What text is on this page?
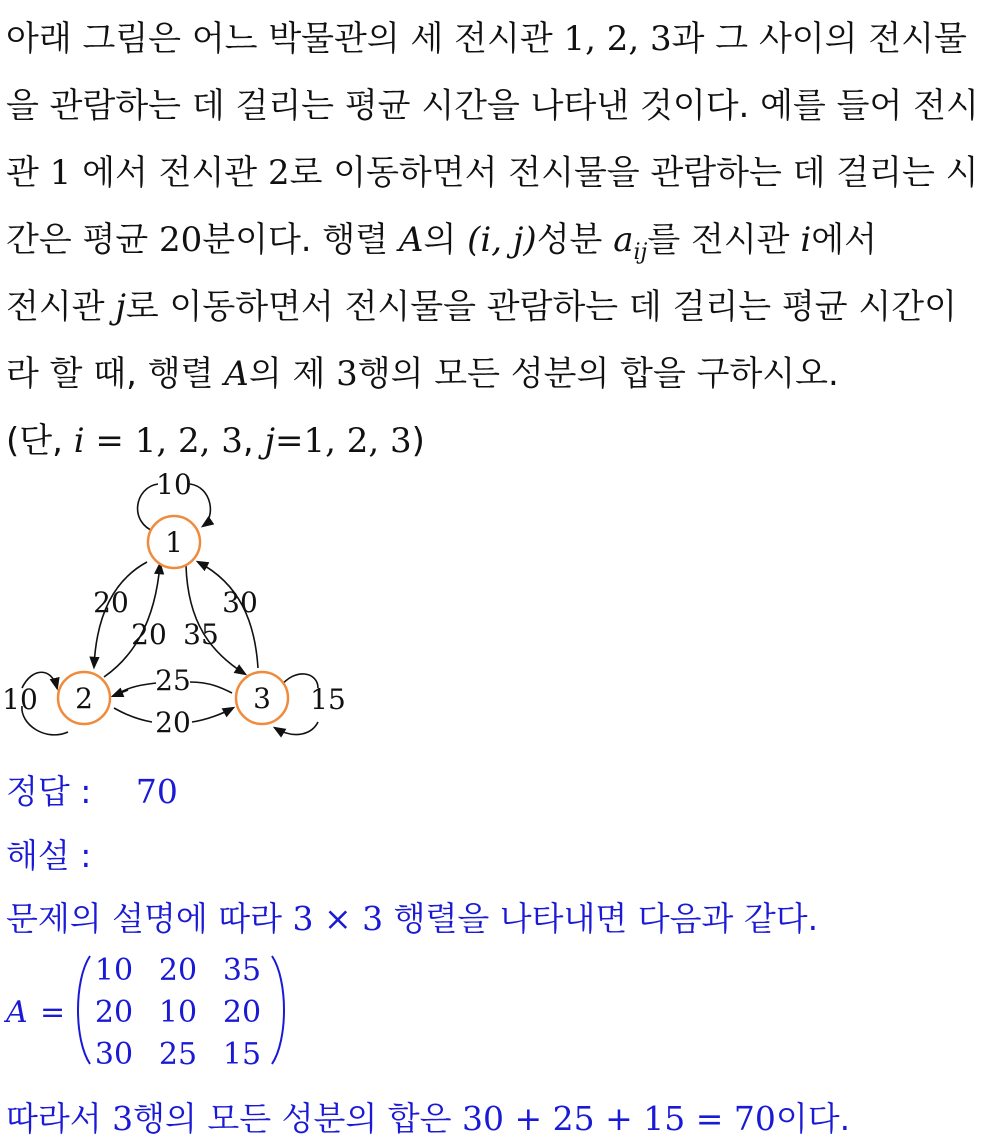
아래 그림은 어느 박물관의 세 전시관 1, 2, 3과 그 사이의 전시물
을 관람하는 데 걸리는 평균 시간을 나타낸 것이다. 예를 들어 전시
관 1 에서 전시관 2로 이동하면서 전시물을 관람하는 데 걸리는 시
간은 평균 20분이다. 행렬 A의 (i, j)성분 $a_{ij}$를 전시관 i에서
전시관 j로 이동하면서 전시물을 관람하는 데 걸리는 평균 시간이
라 할 때, 행렬 A의 제 3행의 모든 성분의 합을 구하시오.
(단, i = 1, 2, 3, j=1, 2, 3)
1
2	3
10
20
20 35
30
25
20
10	15
정답 : 70
해설 :
문제의 설명에 따라 3 × 3 행렬을 나타내면 다음과 같다.
A =
10 20 35
20 10 20
30 25 15
따라서 3행의 모든 성분의 합은 30 + 25 + 15 = 70이다.
